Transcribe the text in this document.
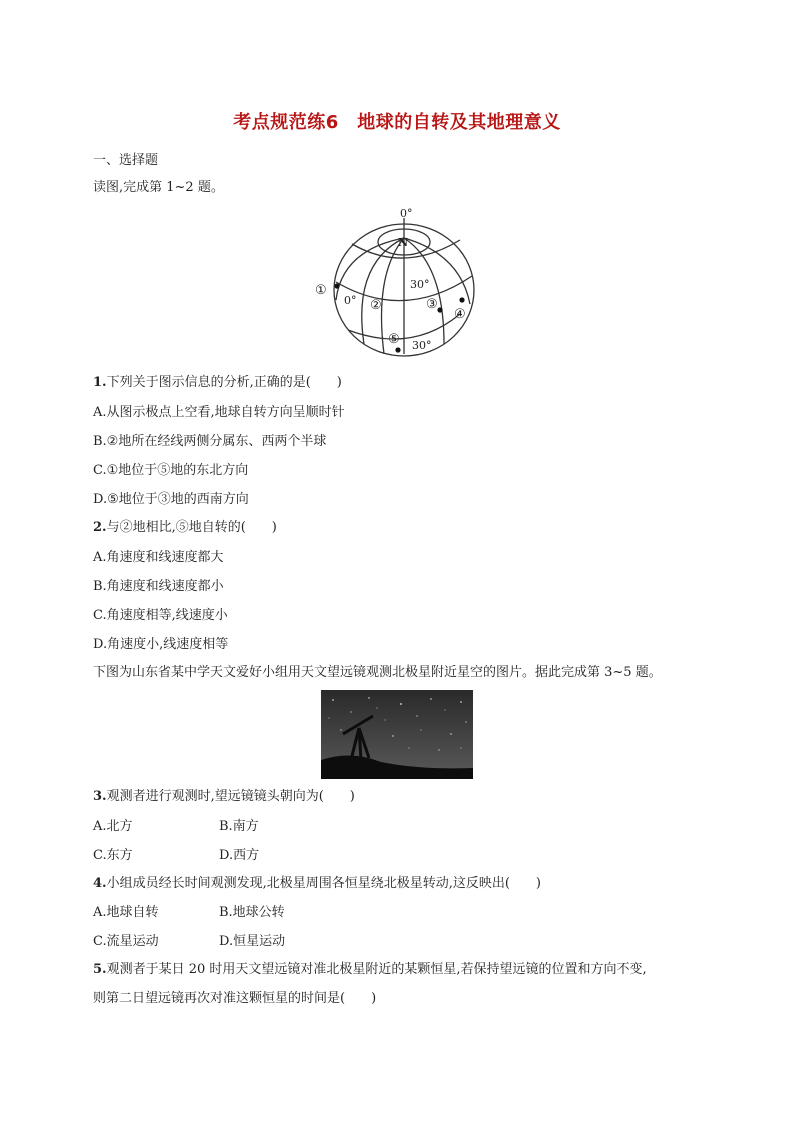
考点规范练6　地球的自转及其地理意义
一、选择题
读图,完成第 1~2 题。
0°
N
①
0° ②
30°
③
④
⑤ 30°
1.下列关于图示信息的分析,正确的是(　　)
A.从图示极点上空看,地球自转方向呈顺时针
B.②地所在经线两侧分属东、西两个半球
C.①地位于⑤地的东北方向
D.⑤地位于③地的西南方向
2.与②地相比,⑤地自转的(　　)
A.角速度和线速度都大
B.角速度和线速度都小
C.角速度相等,线速度小
D.角速度小,线速度相等
下图为山东省某中学天文爱好小组用天文望远镜观测北极星附近星空的图片。据此完成第 3~5 题。
3.观测者进行观测时,望远镜镜头朝向为(　　)
A.北方	B.南方
C.东方	D.西方
4.小组成员经长时间观测发现,北极星周围各恒星绕北极星转动,这反映出(　　)
A.地球自转	B.地球公转
C.流星运动	D.恒星运动
5.观测者于某日 20 时用天文望远镜对准北极星附近的某颗恒星,若保持望远镜的位置和方向不变,
则第二日望远镜再次对准这颗恒星的时间是(　　)
